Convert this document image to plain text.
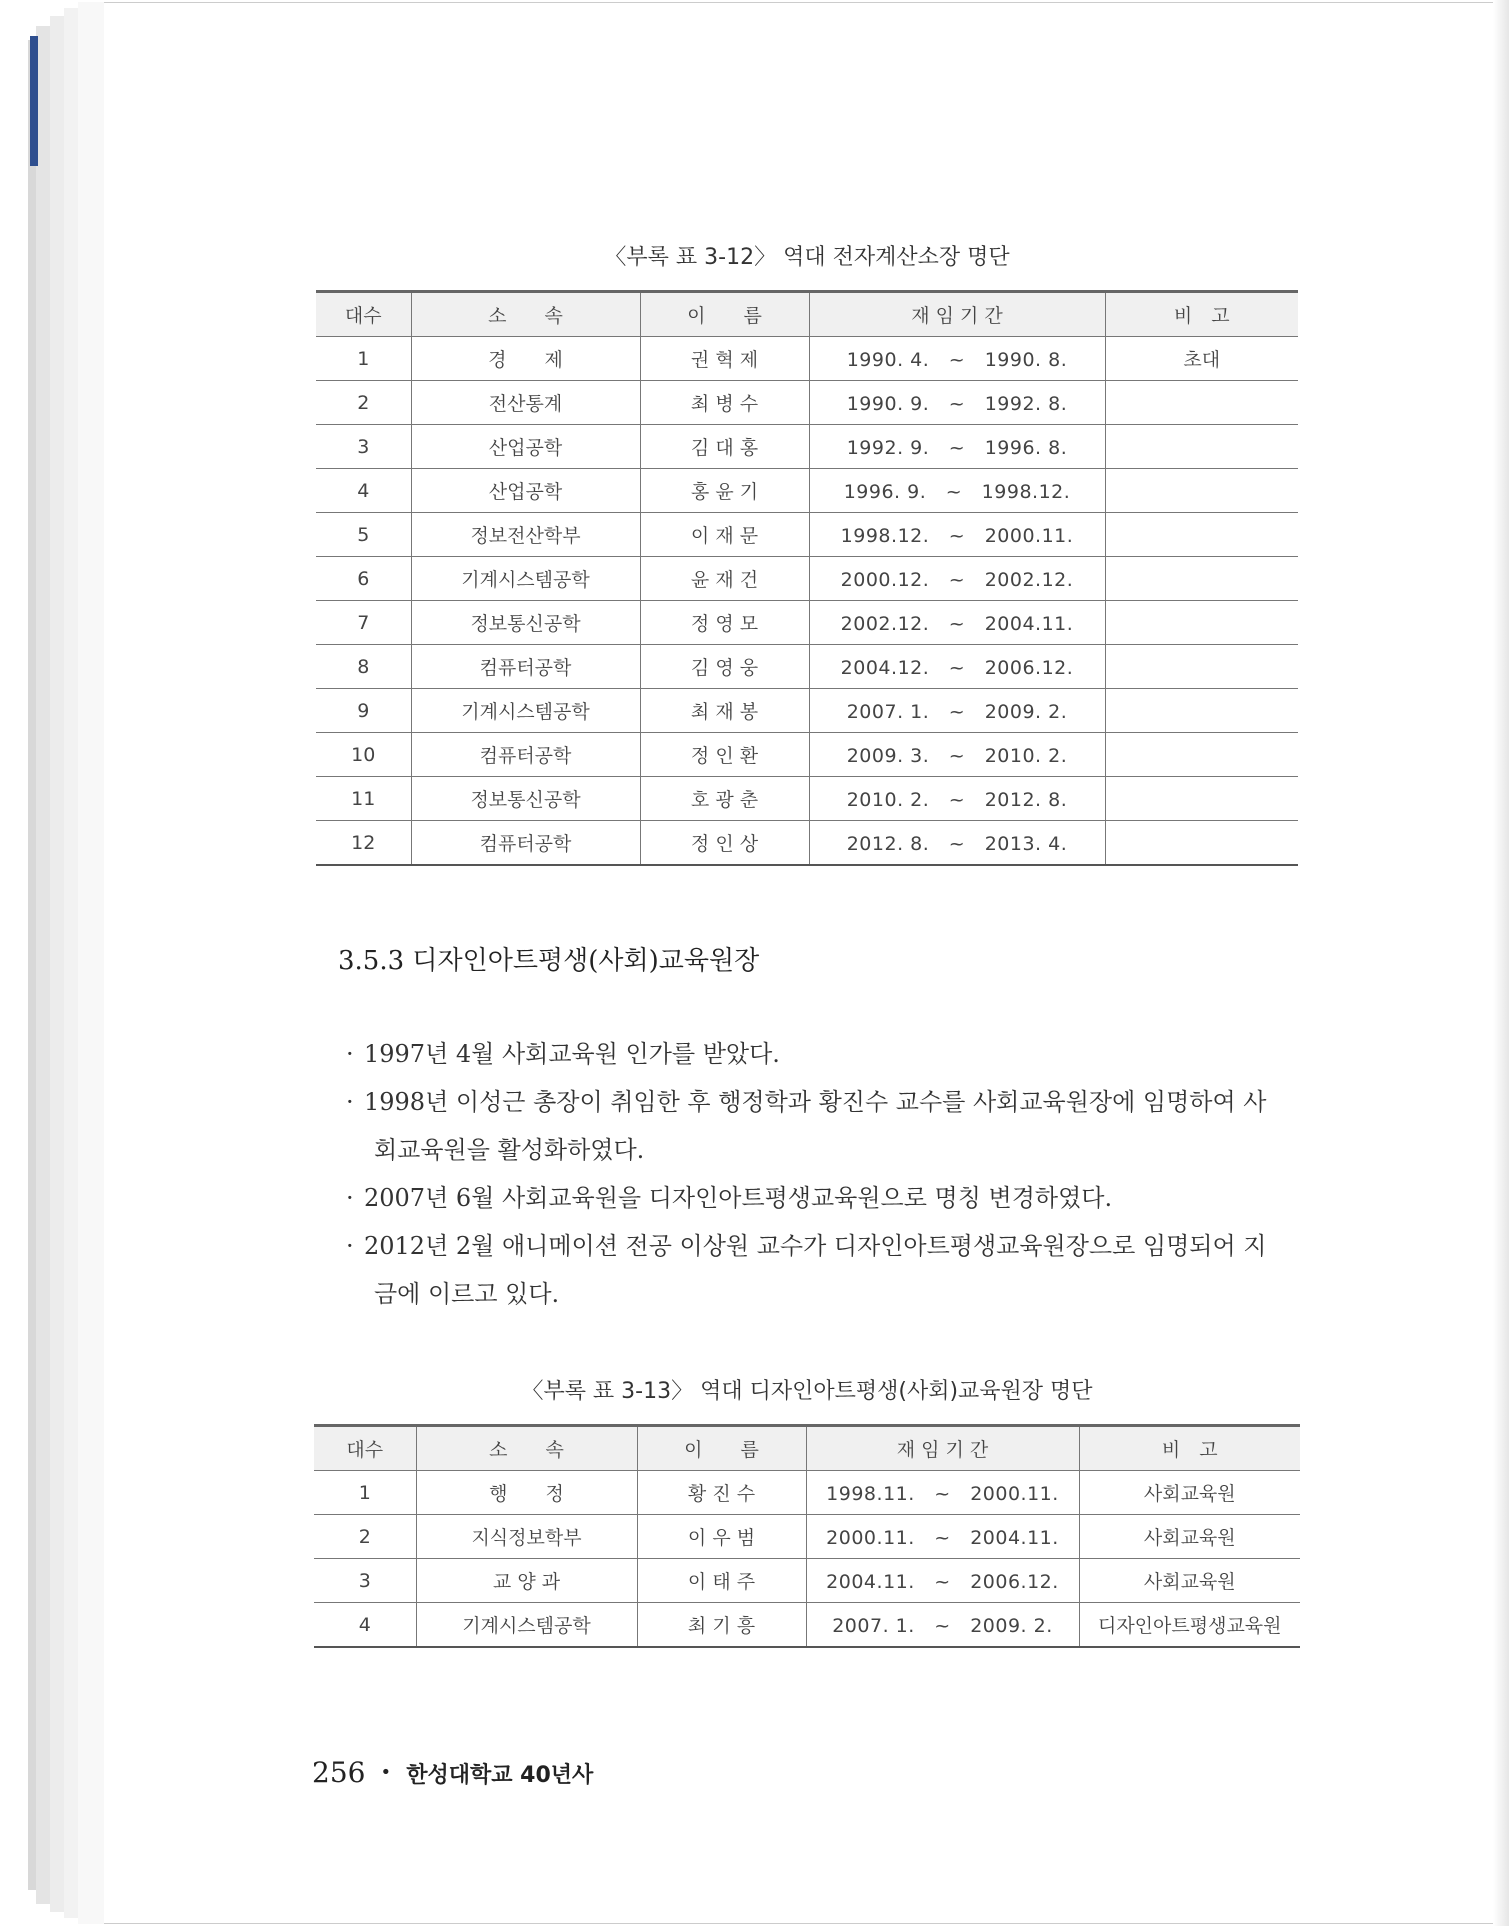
〈부록 표 3-12〉 역대 전자계산소장 명단
대수	소　　속	이　　름	재 임 기 간	비　고
1	경　　제	권 혁 제	1990. 4.　~　1990. 8.	초대
2	전산통계	최 병 수	1990. 9.　~　1992. 8.	
3	산업공학	김 대 홍	1992. 9.　~　1996. 8.	
4	산업공학	홍 윤 기	1996. 9.　~　1998.12.	
5	정보전산학부	이 재 문	1998.12.　~　2000.11.	
6	기계시스템공학	윤 재 건	2000.12.　~　2002.12.	
7	정보통신공학	정 영 모	2002.12.　~　2004.11.	
8	컴퓨터공학	김 영 웅	2004.12.　~　2006.12.	
9	기계시스템공학	최 재 봉	2007. 1.　~　2009. 2.	
10	컴퓨터공학	정 인 환	2009. 3.　~　2010. 2.	
11	정보통신공학	호 광 춘	2010. 2.　~　2012. 8.	
12	컴퓨터공학	정 인 상	2012. 8.　~　2013. 4.	
3.5.3 디자인아트평생(사회)교육원장
· 1997년 4월 사회교육원 인가를 받았다.
· 1998년 이성근 총장이 취임한 후 행정학과 황진수 교수를 사회교육원장에 임명하여 사
회교육원을 활성화하였다.
· 2007년 6월 사회교육원을 디자인아트평생교육원으로 명칭 변경하였다.
· 2012년 2월 애니메이션 전공 이상원 교수가 디자인아트평생교육원장으로 임명되어 지
금에 이르고 있다.
〈부록 표 3-13〉 역대 디자인아트평생(사회)교육원장 명단
대수	소　　속	이　　름	재 임 기 간	비　고
1	행　　정	황 진 수	1998.11.　~　2000.11.	사회교육원
2	지식정보학부	이 우 범	2000.11.　~　2004.11.	사회교육원
3	교 양 과	이 태 주	2004.11.　~　2006.12.	사회교육원
4	기계시스템공학	최 기 흥	2007. 1.　~　2009. 2.	디자인아트평생교육원
256 • 한성대학교 40년사
